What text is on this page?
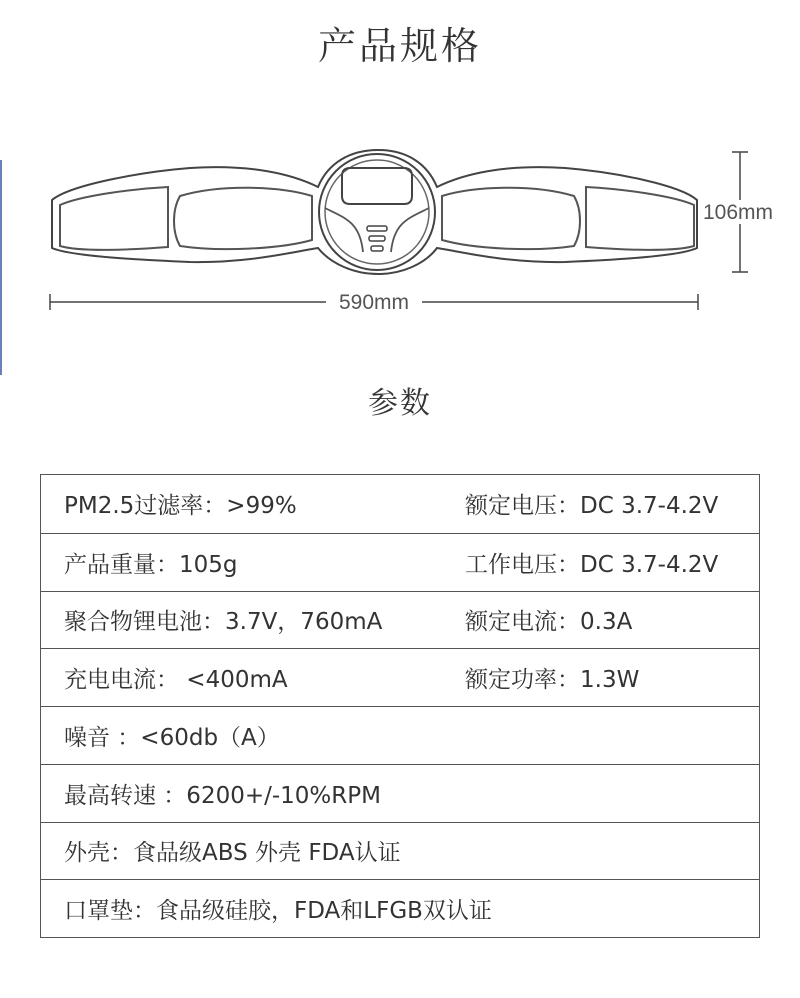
产品规格
106mm
590mm
参数
PM2.5过滤率：>99%	额定电压：DC 3.7-4.2V
产品重量：105g	工作电压：DC 3.7-4.2V
聚合物锂电池：3.7V，760mA	额定电流：0.3A
充电电流： <400mA	额定功率：1.3W
噪音 ：<60db（A）
最高转速 ：6200+/-10%RPM
外壳：食品级ABS 外壳 FDA认证
口罩垫：食品级硅胶，FDA和LFGB双认证
